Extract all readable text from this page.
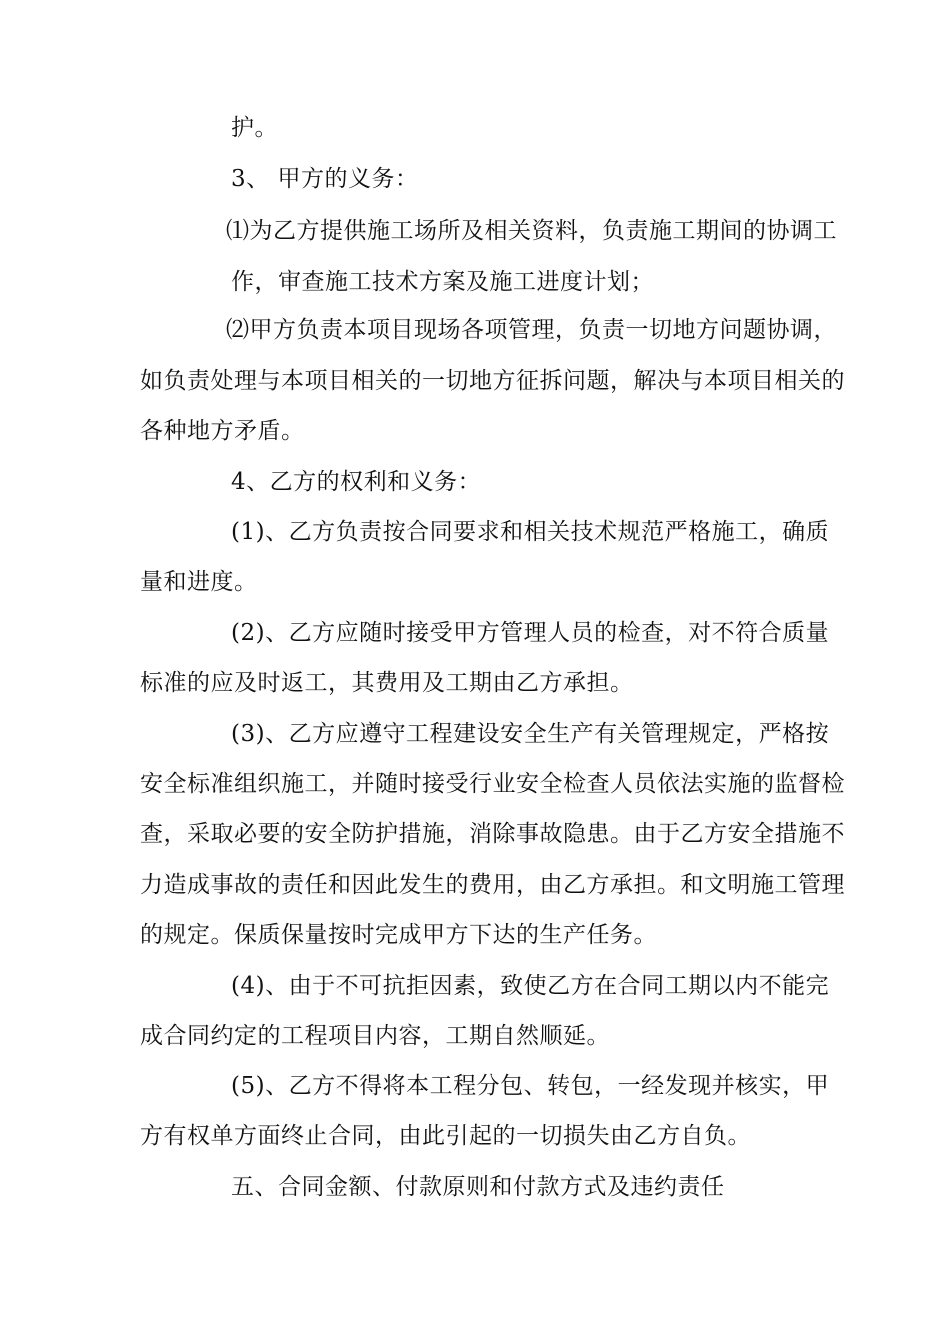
护。
3、 甲方的义务：
⑴为乙方提供施工场所及相关资料，负责施工期间的协调工
作，审查施工技术方案及施工进度计划；
⑵甲方负责本项目现场各项管理，负责一切地方问题协调，
如负责处理与本项目相关的一切地方征拆问题，解决与本项目相关的
各种地方矛盾。
4、乙方的权利和义务：
(1)、乙方负责按合同要求和相关技术规范严格施工，确质
量和进度。
(2)、乙方应随时接受甲方管理人员的检查，对不符合质量
标准的应及时返工，其费用及工期由乙方承担。
(3)、乙方应遵守工程建设安全生产有关管理规定，严格按
安全标准组织施工，并随时接受行业安全检查人员依法实施的监督检
查，采取必要的安全防护措施，消除事故隐患。由于乙方安全措施不
力造成事故的责任和因此发生的费用，由乙方承担。和文明施工管理
的规定。保质保量按时完成甲方下达的生产任务。
(4)、由于不可抗拒因素，致使乙方在合同工期以内不能完
成合同约定的工程项目内容，工期自然顺延。
(5)、乙方不得将本工程分包、转包，一经发现并核实，甲
方有权单方面终止合同，由此引起的一切损失由乙方自负。
五、合同金额、付款原则和付款方式及违约责任
